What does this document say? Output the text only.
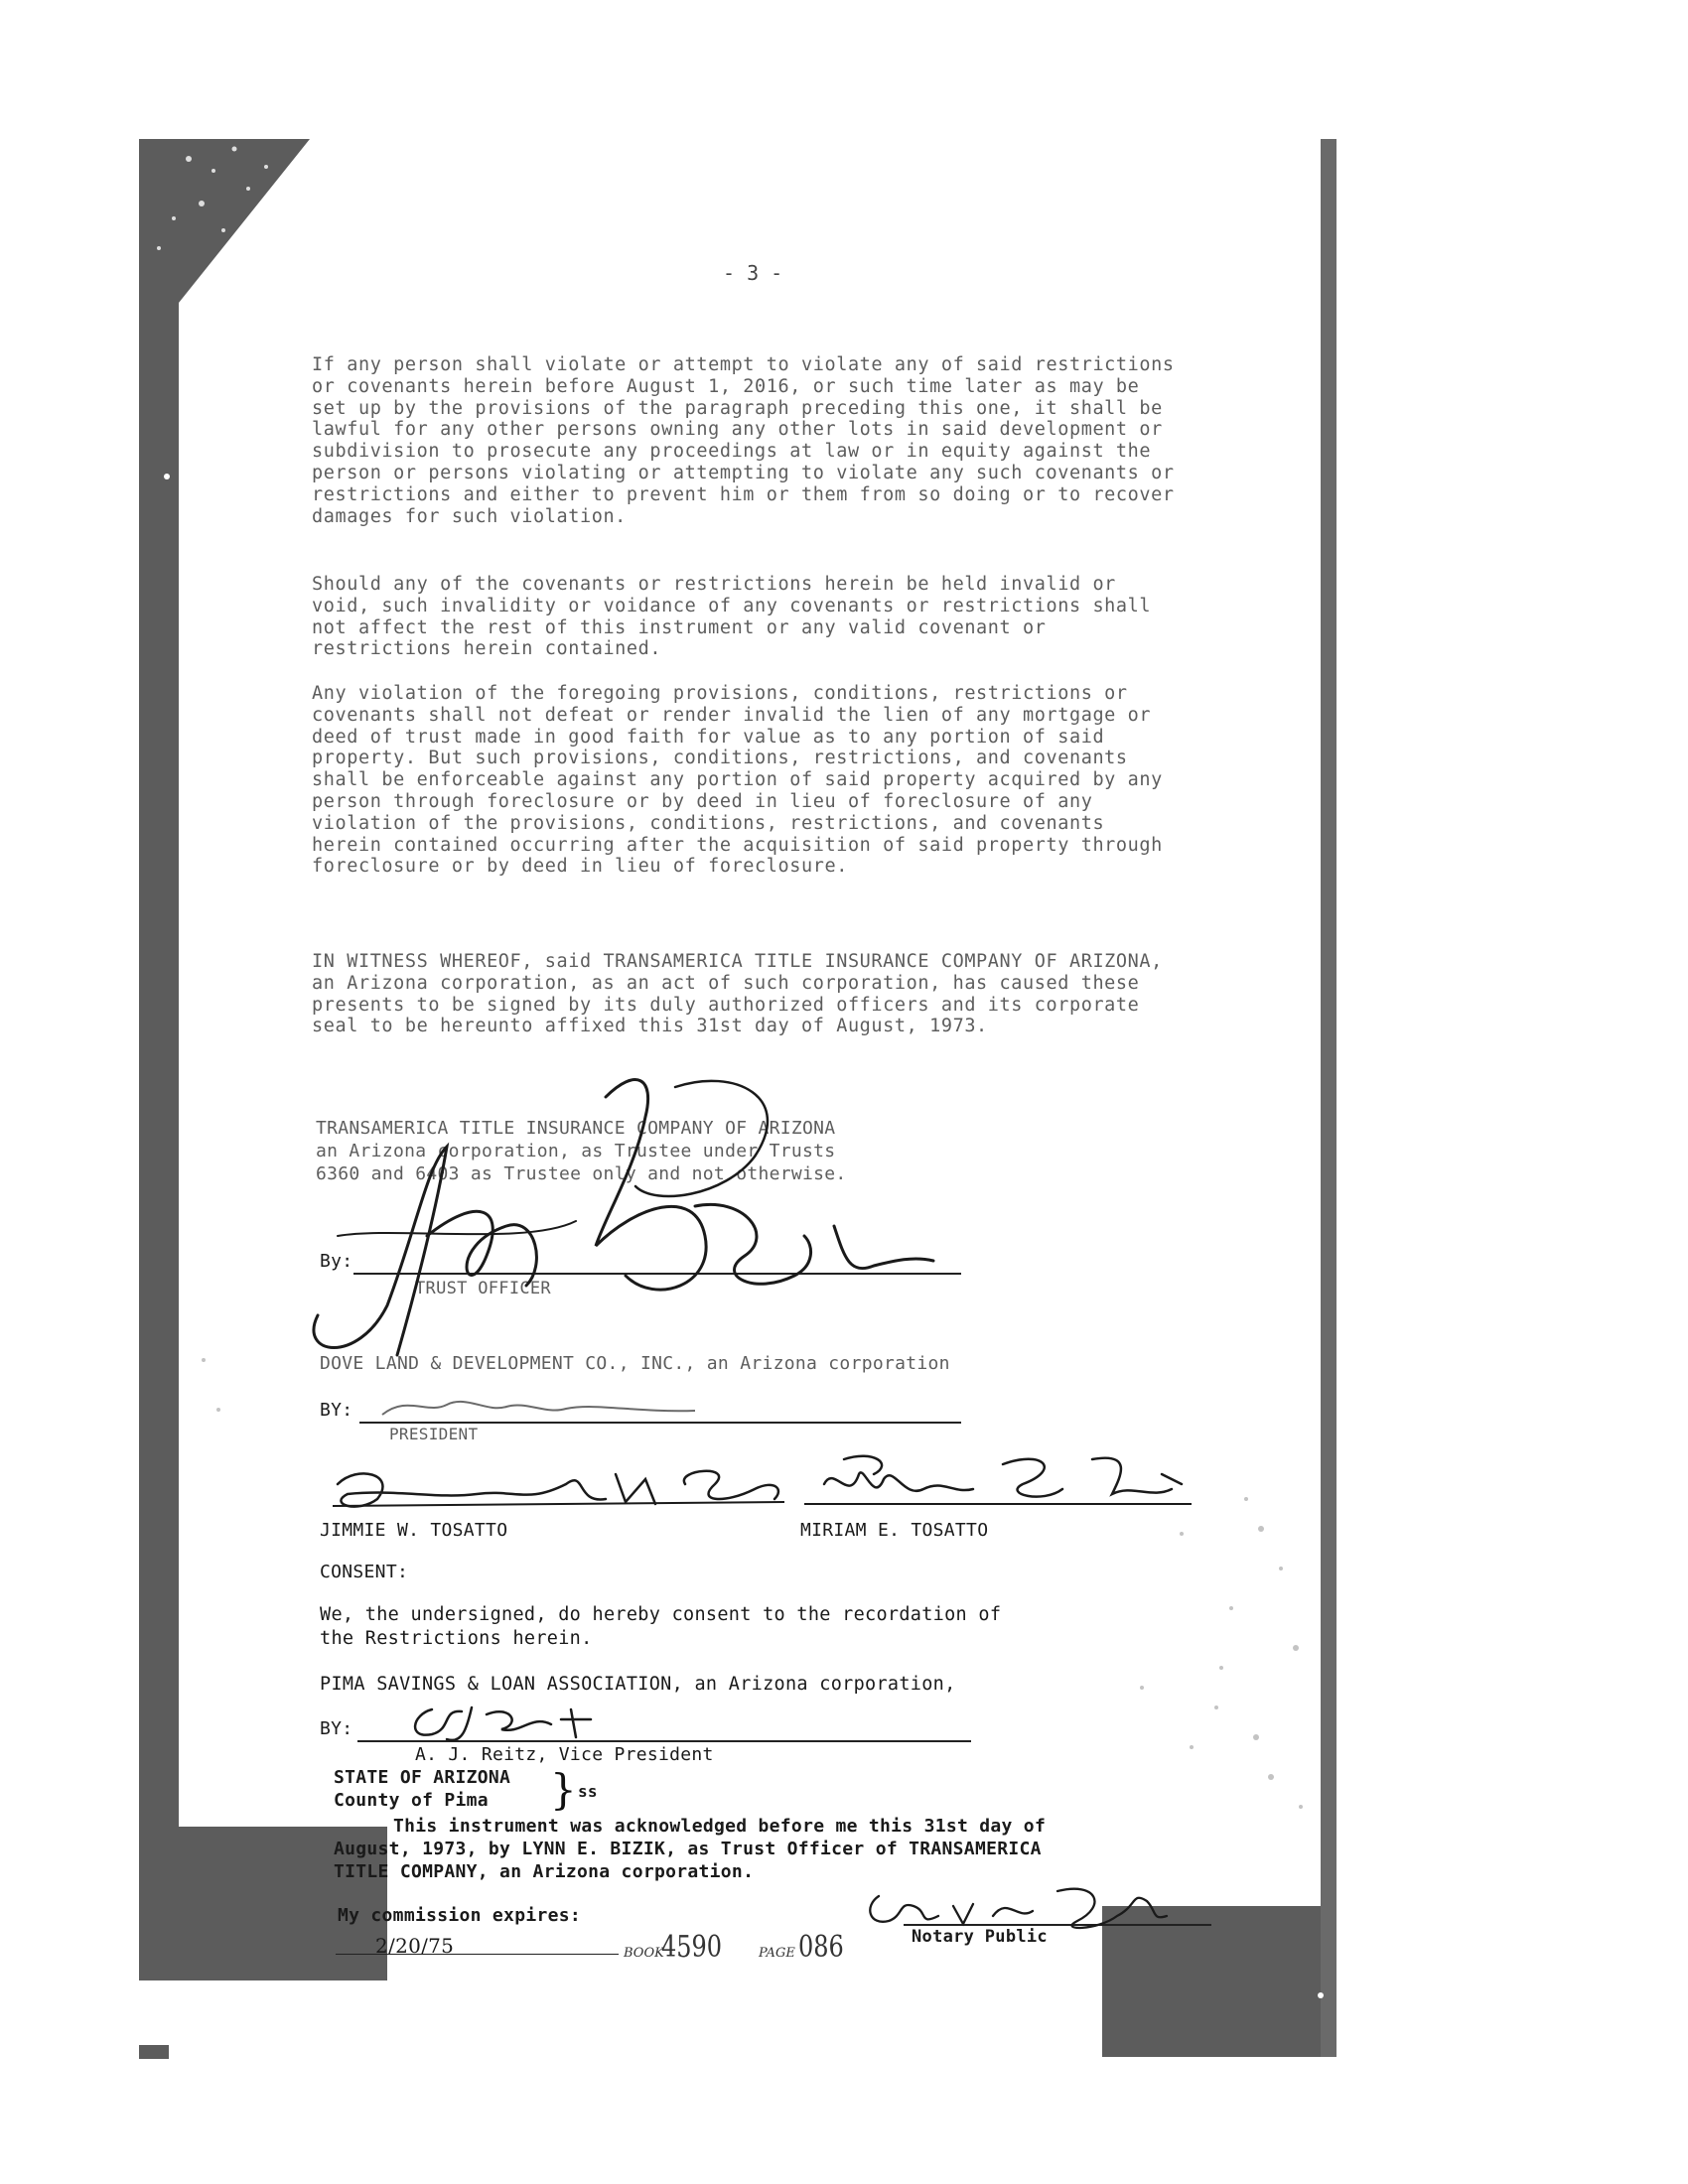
- 3 -
If any person shall violate or attempt to violate any of said restrictions or covenants herein before August 1, 2016, or such time later as may be set up by the provisions of the paragraph preceding this one, it shall be lawful for any other persons owning any other lots in said development or subdivision to prosecute any proceedings at law or in equity against the person or persons violating or attempting to violate any such covenants or restrictions and either to prevent him or them from so doing or to recover damages for such violation.
Should any of the covenants or restrictions herein be held invalid or void, such invalidity or voidance of any covenants or restrictions shall not affect the rest of this instrument or any valid covenant or restrictions herein contained.
Any violation of the foregoing provisions, conditions, restrictions or covenants shall not defeat or render invalid the lien of any mortgage or deed of trust made in good faith for value as to any portion of said property. But such provisions, conditions, restrictions, and covenants shall be enforceable against any portion of said property acquired by any person through foreclosure or by deed in lieu of foreclosure of any violation of the provisions, conditions, restrictions, and covenants herein contained occurring after the acquisition of said property through foreclosure or by deed in lieu of foreclosure.
IN WITNESS WHEREOF, said TRANSAMERICA TITLE INSURANCE COMPANY OF ARIZONA, an Arizona corporation, as an act of such corporation, has caused these presents to be signed by its duly authorized officers and its corporate seal to be hereunto affixed this 31st day of August, 1973.
TRANSAMERICA TITLE INSURANCE COMPANY OF ARIZONA
an Arizona corporation, as Trustee under Trusts
6360 and 6403 as Trustee only and not otherwise.
By:
TRUST OFFICER
DOVE LAND & DEVELOPMENT CO., INC., an Arizona corporation
BY:
PRESIDENT
JIMMIE W. TOSATTO	MIRIAM E. TOSATTO
CONSENT:
We, the undersigned, do hereby consent to the recordation of
the Restrictions herein.
PIMA SAVINGS & LOAN ASSOCIATION, an Arizona corporation,
BY:
A. J. Reitz, Vice President
STATE OF ARIZONA
County of Pima } ss
This instrument was acknowledged before me this 31st day of
August, 1973, by LYNN E. BIZIK, as Trust Officer of TRANSAMERICA
TITLE COMPANY, an Arizona corporation.
My commission expires:
2/20/75	Notary Public
BOOK
4590	PAGE 086
